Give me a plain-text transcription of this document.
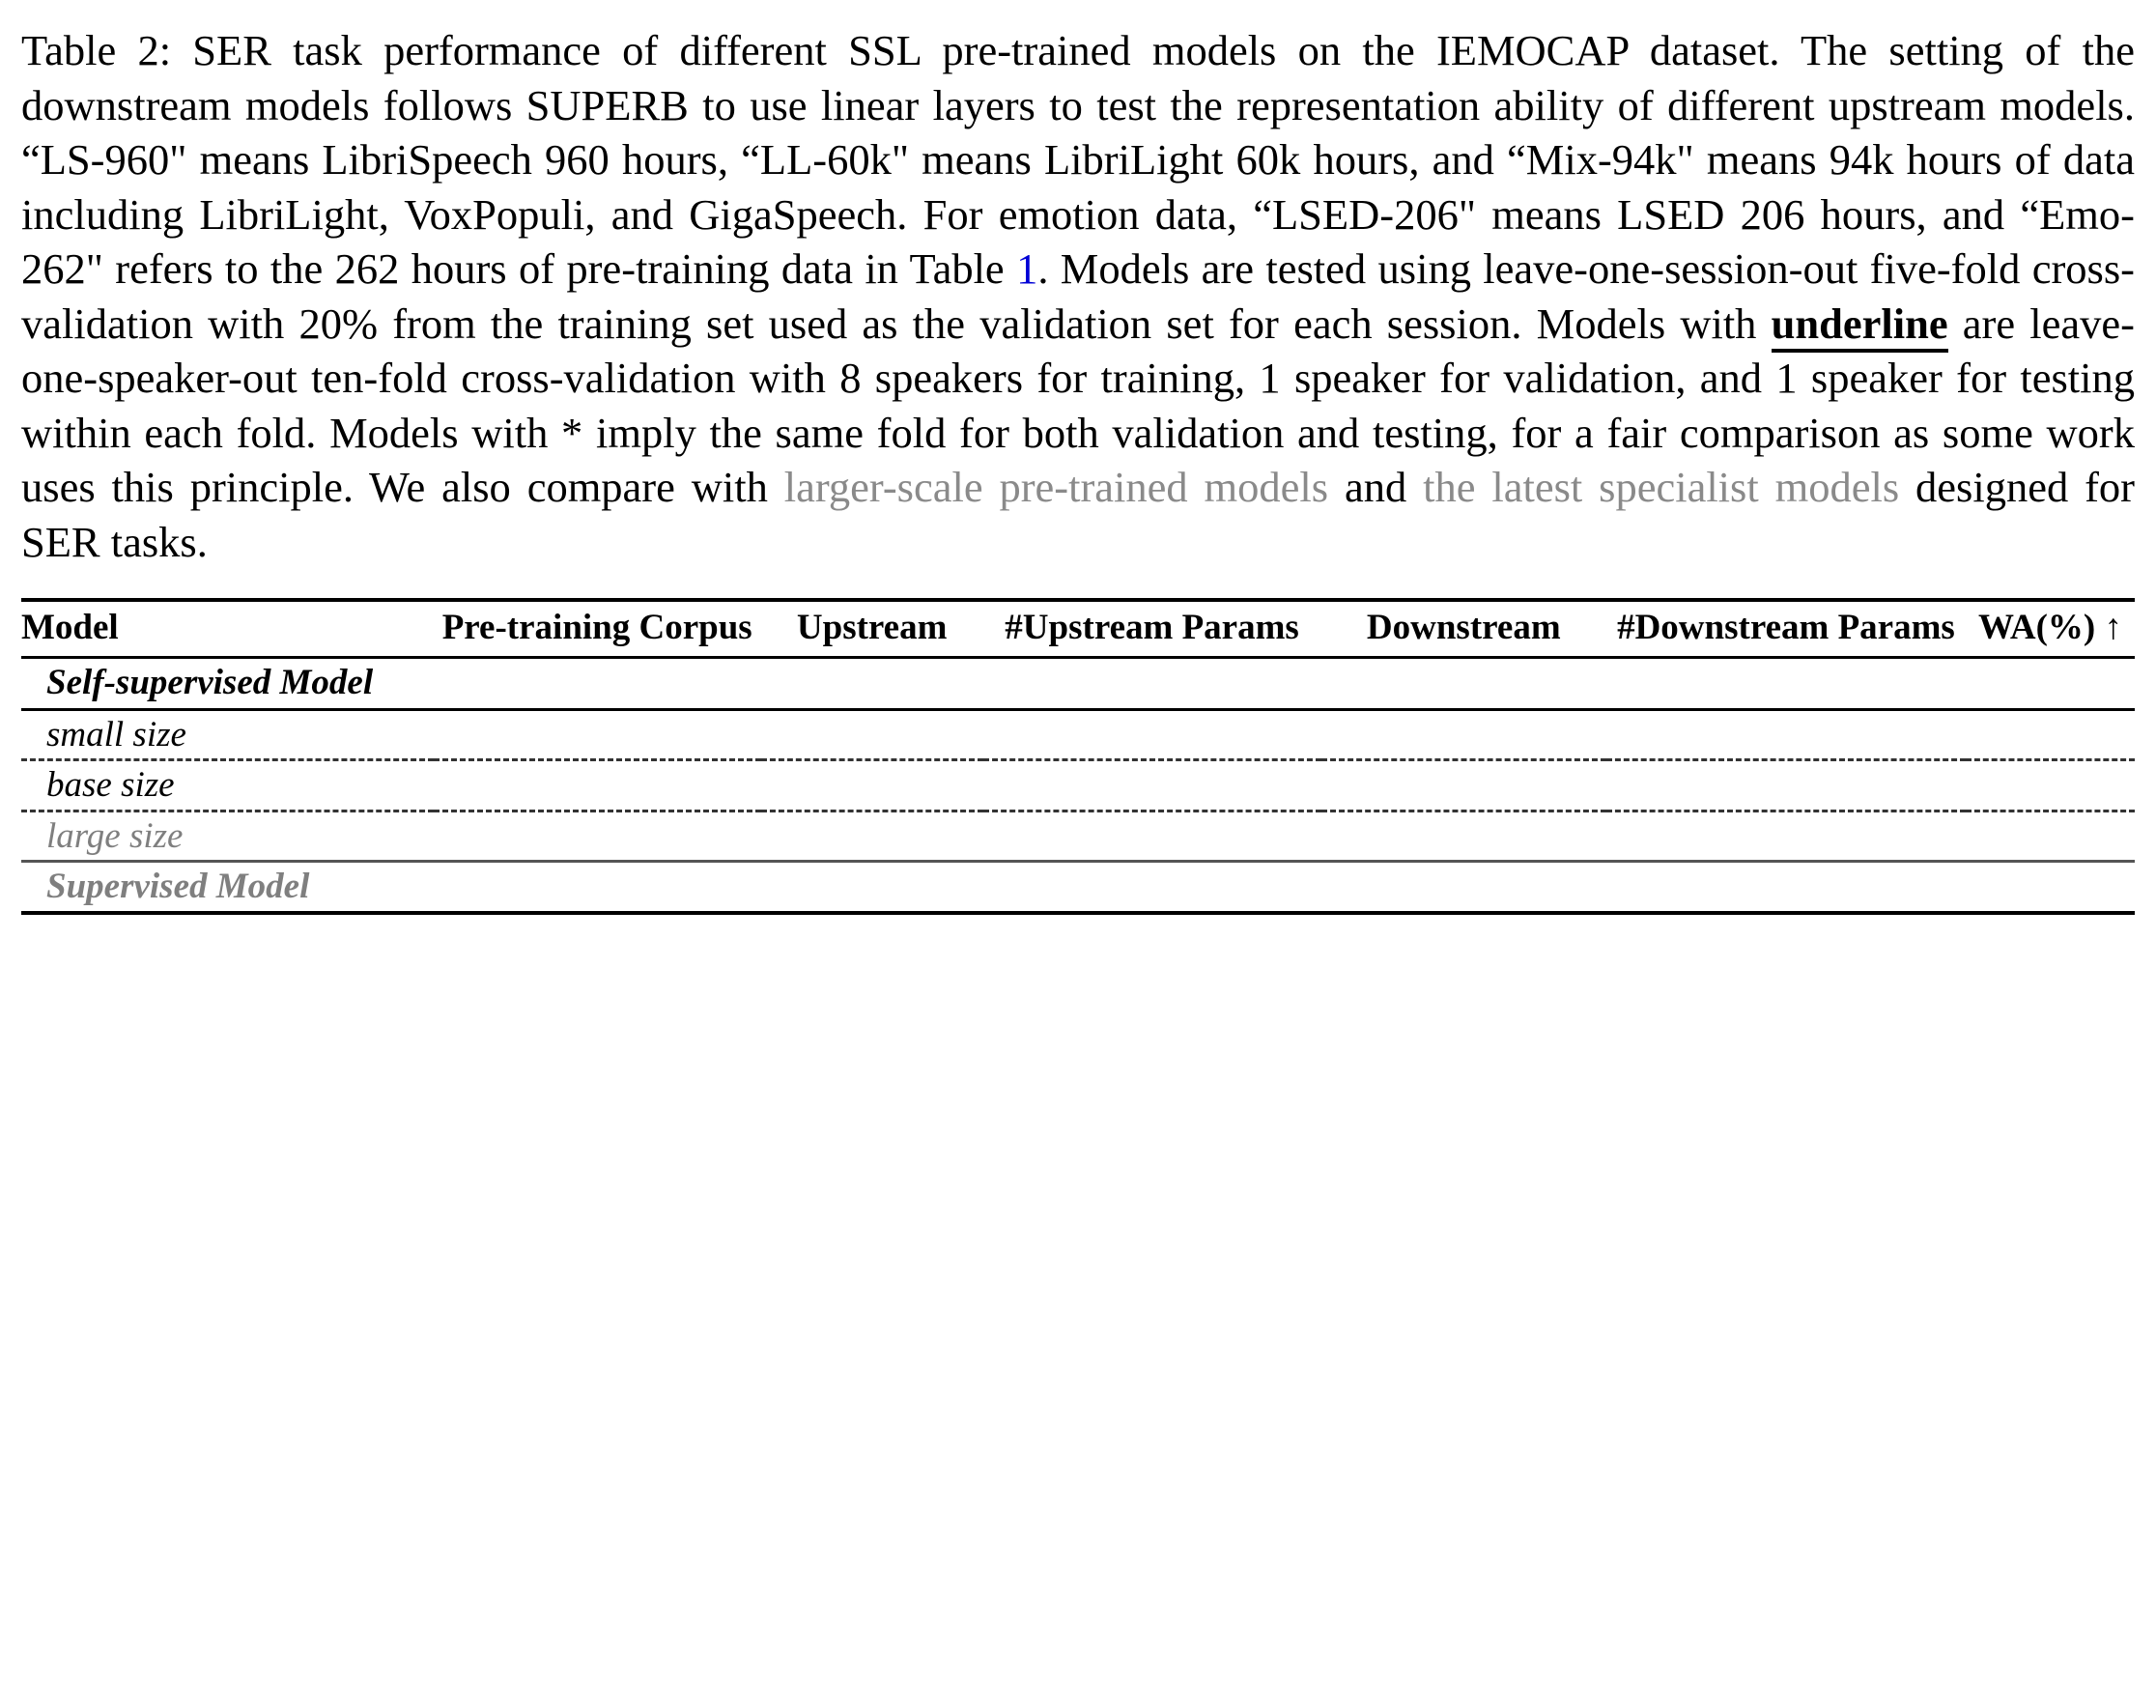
Table 2: SER task performance of different SSL pre-trained models on the IEMOCAP dataset. The setting of the downstream models follows SUPERB to use linear layers to test the representation ability of different upstream models. “LS-960" means LibriSpeech 960 hours, “LL-60k" means LibriLight 60k hours, and “Mix-94k" means 94k hours of data including LibriLight, VoxPopuli, and GigaSpeech. For emotion data, “LSED-206" means LSED 206 hours, and “Emo-262" refers to the 262 hours of pre-training data in Table 1. Models are tested using leave-one-session-out five-fold cross-validation with 20% from the training set used as the validation set for each session. Models with underline are leave-one-speaker-out ten-fold cross-validation with 8 speakers for training, 1 speaker for validation, and 1 speaker for testing within each fold. Models with * imply the same fold for both validation and testing, for a fair comparison as some work uses this principle. We also compare with larger-scale pre-trained models and the latest specialist models designed for SER tasks.

Model	Pre-training Corpus	Upstream	#Upstream Params	Downstream	#Downstream Params	WA(%) ↑
Self-supervised Model
small size

base size

large size

Supervised Model
